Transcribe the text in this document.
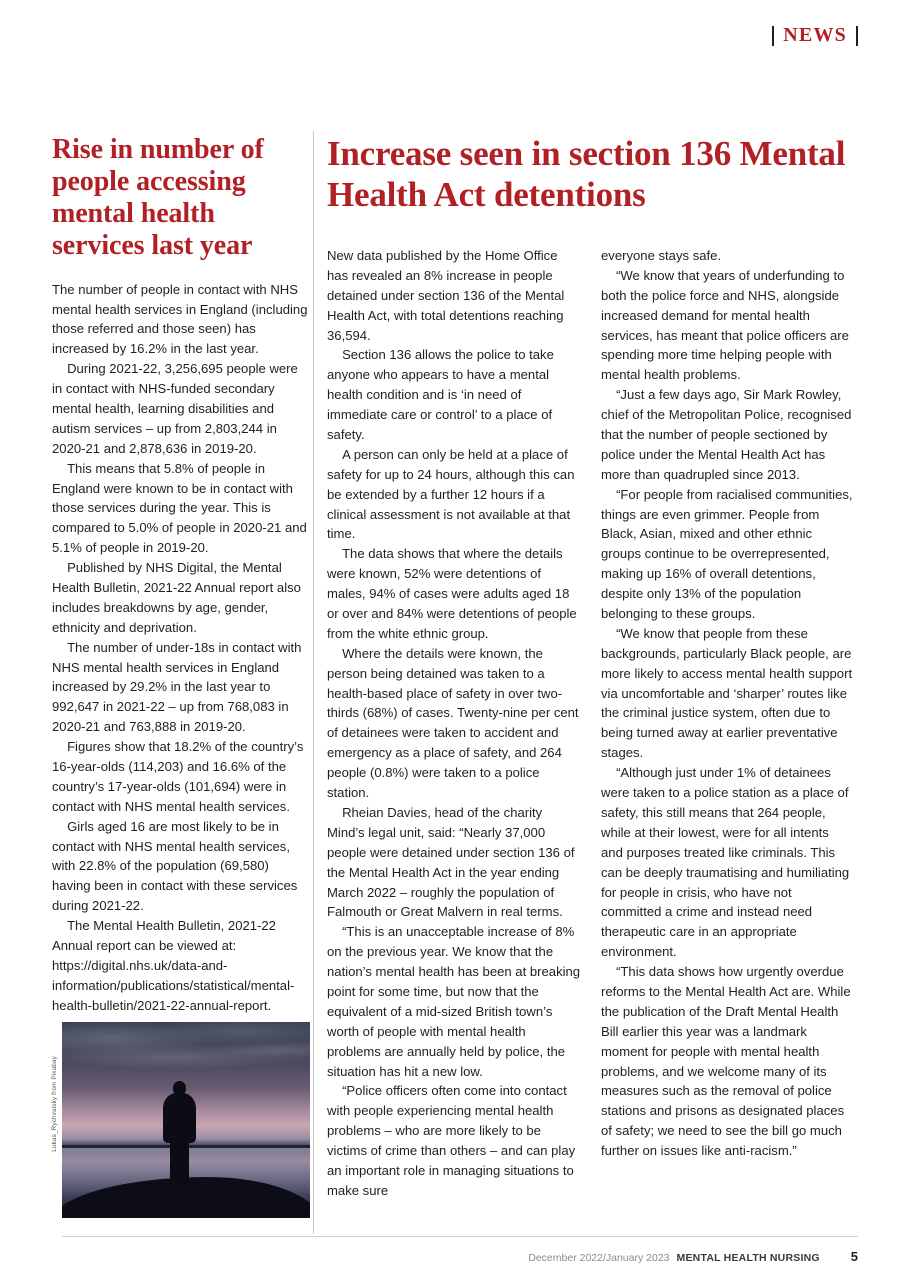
NEWS
Rise in number of people accessing mental health services last year

The number of people in contact with NHS mental health services in England (including those referred and those seen) has increased by 16.2% in the last year.

During 2021-22, 3,256,695 people were in contact with NHS-funded secondary mental health, learning disabilities and autism services – up from 2,803,244 in 2020-21 and 2,878,636 in 2019-20.

This means that 5.8% of people in England were known to be in contact with those services during the year. This is compared to 5.0% of people in 2020-21 and 5.1% of people in 2019-20.

Published by NHS Digital, the Mental Health Bulletin, 2021-22 Annual report also includes breakdowns by age, gender, ethnicity and deprivation.

The number of under-18s in contact with NHS mental health services in England increased by 29.2% in the last year to 992,647 in 2021-22 – up from 768,083 in 2020-21 and 763,888 in 2019-20.

Figures show that 18.2% of the country’s 16-year-olds (114,203) and 16.6% of the country’s 17-year-olds (101,694) were in contact with NHS mental health services.

Girls aged 16 are most likely to be in contact with NHS mental health services, with 22.8% of the population (69,580) having been in contact with these services during 2021-22.

The Mental Health Bulletin, 2021-22 Annual report can be viewed at: https://digital.nhs.uk/data-and-information/publications/statistical/mental-health-bulletin/2021-22-annual-report.

Lukas_Rychvalsky from Pixabay
Increase seen in section 136 Mental Health Act detentions

New data published by the Home Office has revealed an 8% increase in people detained under section 136 of the Mental Health Act, with total detentions reaching 36,594.

Section 136 allows the police to take anyone who appears to have a mental health condition and is ‘in need of immediate care or control’ to a place of safety.

A person can only be held at a place of safety for up to 24 hours, although this can be extended by a further 12 hours if a clinical assessment is not available at that time.

The data shows that where the details were known, 52% were detentions of males, 94% of cases were adults aged 18 or over and 84% were detentions of people from the white ethnic group.

Where the details were known, the person being detained was taken to a health-based place of safety in over two-thirds (68%) of cases. Twenty-nine per cent of detainees were taken to accident and emergency as a place of safety, and 264 people (0.8%) were taken to a police station.

Rheian Davies, head of the charity Mind’s legal unit, said: “Nearly 37,000 people were detained under section 136 of the Mental Health Act in the year ending March 2022 – roughly the population of Falmouth or Great Malvern in real terms.

“This is an unacceptable increase of 8% on the previous year. We know that the nation’s mental health has been at breaking point for some time, but now that the equivalent of a mid-sized British town’s worth of people with mental health problems are annually held by police, the situation has hit a new low.

“Police officers often come into contact with people experiencing mental health problems – who are more likely to be victims of crime than others – and can play an important role in managing situations to make sure

everyone stays safe.

“We know that years of underfunding to both the police force and NHS, alongside increased demand for mental health services, has meant that police officers are spending more time helping people with mental health problems.

“Just a few days ago, Sir Mark Rowley, chief of the Metropolitan Police, recognised that the number of people sectioned by police under the Mental Health Act has more than quadrupled since 2013.

“For people from racialised communities, things are even grimmer. People from Black, Asian, mixed and other ethnic groups continue to be overrepresented, making up 16% of overall detentions, despite only 13% of the population belonging to these groups.

“We know that people from these backgrounds, particularly Black people, are more likely to access mental health support via uncomfortable and ‘sharper’ routes like the criminal justice system, often due to being turned away at earlier preventative stages.

“Although just under 1% of detainees were taken to a police station as a place of safety, this still means that 264 people, while at their lowest, were for all intents and purposes treated like criminals. This can be deeply traumatising and humiliating for people in crisis, who have not committed a crime and instead need therapeutic care in an appropriate environment.

“This data shows how urgently overdue reforms to the Mental Health Act are. While the publication of the Draft Mental Health Bill earlier this year was a landmark moment for people with mental health problems, and we welcome many of its measures such as the removal of police stations and prisons as designated places of safety; we need to see the bill go much further on issues like anti-racism.”

December 2022/January 2023 MENTAL HEALTH NURSING 5
